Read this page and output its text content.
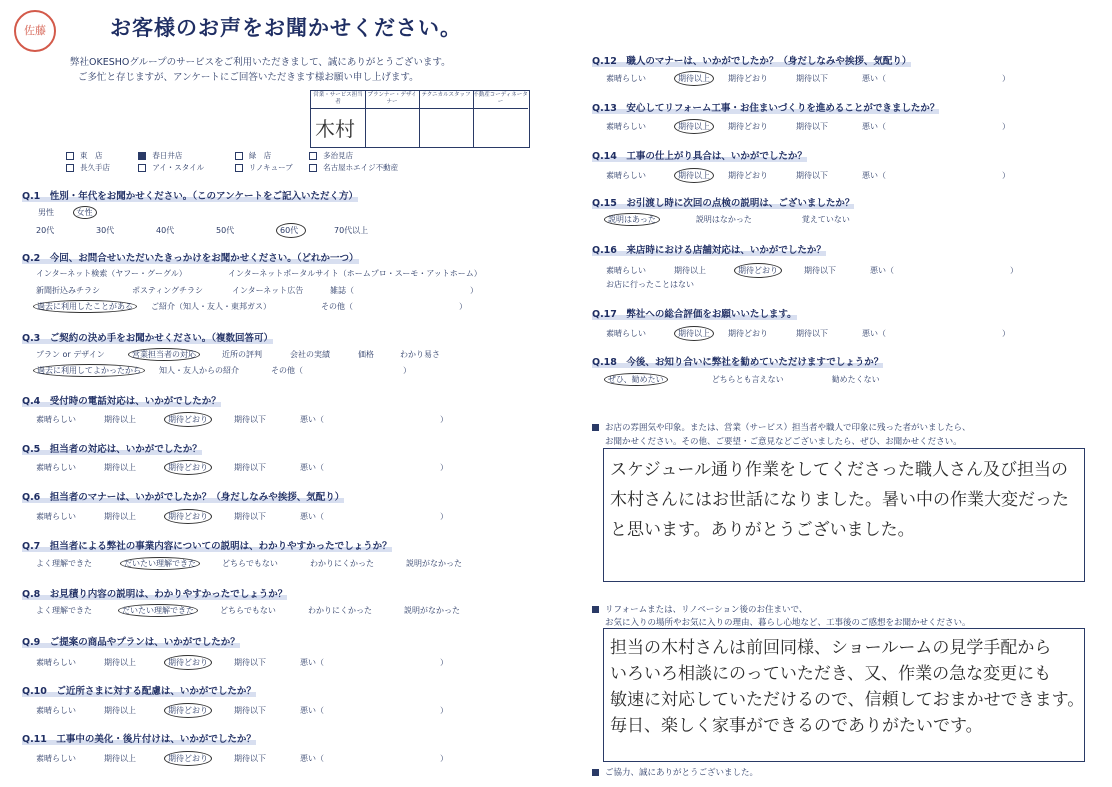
佐藤	お客様のお声をお聞かせください。
弊社OKESHOグループのサービスをご利用いただきまして、誠にありがとうございます。
ご多忙と存じますが、アンケートにご回答いただきます様お願い申し上げます。
営業・サービス担当者
プランナー・デザイナー
テクニカルスタッフ 不動産コーディネーター
木村
東　店	春日井店	緑　店	多治見店
長久手店	アイ・スタイル	リノキューブ	名古屋ホエイジ不動産
Q.1　性別・年代をお聞かせください。（このアンケートをご記入いただく方）
男性	女性
20代	30代	40代	50代	60代	70代以上
Q.2　今回、お問合せいただいたきっかけをお聞かせください。（どれか一つ）
インターネット検索（ヤフー・グーグル）	インターネットポータルサイト（ホームプロ・スーモ・アットホーム）
新聞折込みチラシ	ポスティングチラシ	インターネット広告	雑誌（	）
過去に利用したことがある ご紹介（知人・友人・東邦ガス）	その他（	）
Q.3　ご契約の決め手をお聞かせください。（複数回答可）
プラン or デザイン	営業担当者の対応	近所の評判	会社の実績	価格	わかり易さ
過去に利用してよかったから 知人・友人からの紹介	その他（	）
Q.4　受付時の電話対応は、いかがでしたか？
素晴らしい	期待以上	期待どおり	期待以下	悪い（	）
Q.5　担当者の対応は、いかがでしたか？
素晴らしい	期待以上	期待どおり	期待以下	悪い（	）
Q.6　担当者のマナーは、いかがでしたか？（身だしなみや挨拶、気配り）
素晴らしい	期待以上	期待どおり	期待以下	悪い（	）
Q.7　担当者による弊社の事業内容についての説明は、わかりやすかったでしょうか？
よく理解できた	だいたい理解できた	どちらでもない	わかりにくかった	説明がなかった
Q.8　お見積り内容の説明は、わかりやすかったでしょうか？
よく理解できた	だいたい理解できた	どちらでもない	わかりにくかった	説明がなかった
Q.9　ご提案の商品やプランは、いかがでしたか？
素晴らしい	期待以上	期待どおり	期待以下	悪い（	）
Q.10　ご近所さまに対する配慮は、いかがでしたか？
素晴らしい	期待以上	期待どおり	期待以下	悪い（	）
Q.11　工事中の美化・後片付けは、いかがでしたか？
素晴らしい	期待以上	期待どおり	期待以下	悪い（	）
Q.12　職人のマナーは、いかがでしたか？（身だしなみや挨拶、気配り）
素晴らしい	期待以上 期待どおり	期待以下	悪い（	）
Q.13　安心してリフォーム工事・お住まいづくりを進めることができましたか？
素晴らしい	期待以上 期待どおり	期待以下	悪い（	）
Q.14　工事の仕上がり具合は、いかがでしたか？
素晴らしい	期待以上 期待どおり	期待以下	悪い（	）
Q.15　お引渡し時に次回の点検の説明は、ございましたか？
説明はあった	説明はなかった	覚えていない
Q.16　来店時における店舗対応は、いかがでしたか？
素晴らしい	期待以上	期待どおり	期待以下	悪い（	）
お店に行ったことはない
Q.17　弊社への総合評価をお願いいたします。
素晴らしい	期待以上 期待どおり	期待以下	悪い（	）
Q.18　今後、お知り合いに弊社を勧めていただけますでしょうか？
ぜひ、勧めたい	どちらとも言えない	勧めたくない
お店の雰囲気や印象。または、営業（サービス）担当者や職人で印象に残った者がいましたら、
お聞かせください。その他、ご要望・ご意見などございましたら、ぜひ、お聞かせください。
スケジュール通り作業をしてくださった職人さん及び担当の
木村さんにはお世話になりました。暑い中の作業大変だった
と思います。ありがとうございました。
リフォームまたは、リノベーション後のお住まいで、
お気に入りの場所やお気に入りの理由、暮らし心地など、工事後のご感想をお聞かせください。
担当の木村さんは前回同様、ショールームの見学手配から
いろいろ相談にのっていただき、又、作業の急な変更にも
敏速に対応していただけるので、信頼しておまかせできます。
毎日、楽しく家事ができるのでありがたいです。
ご協力、誠にありがとうございました。
